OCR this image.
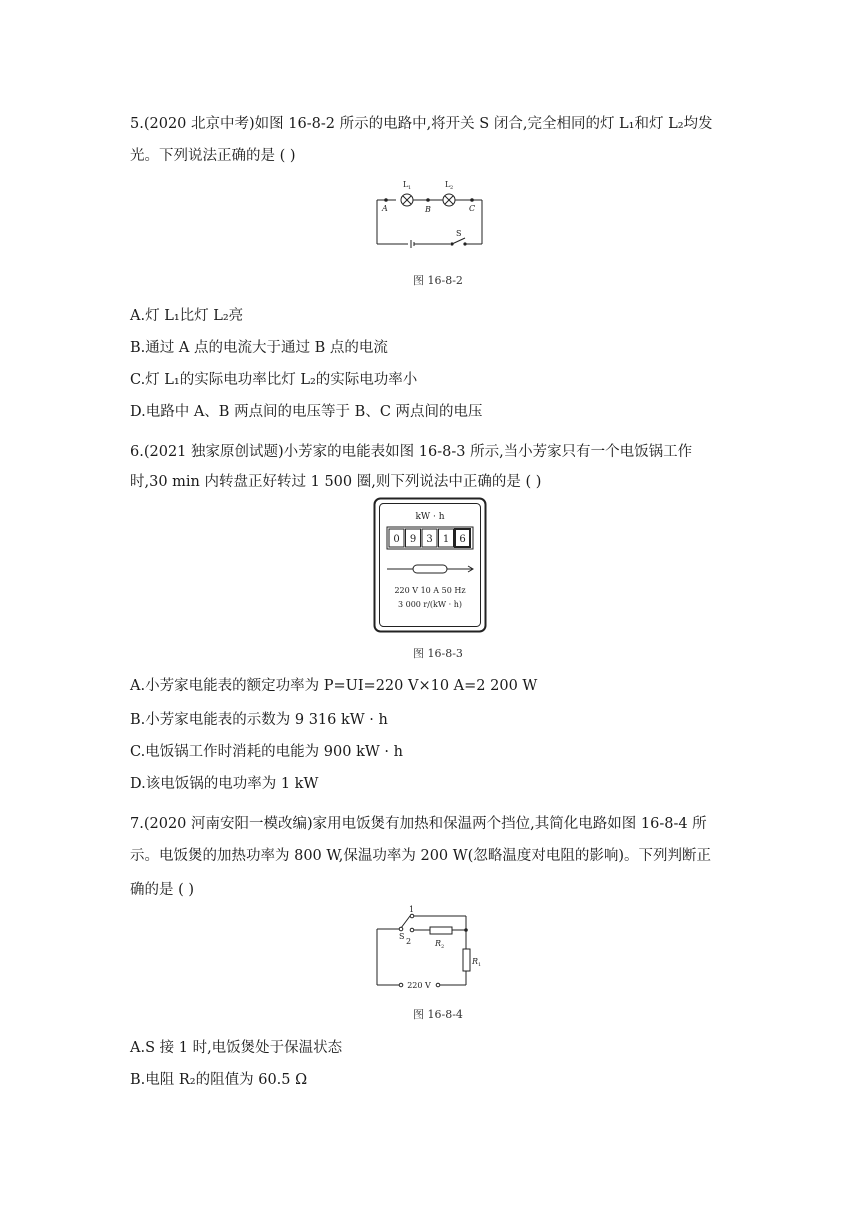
5.(2020 北京中考)如图 16-8-2 所示的电路中,将开关 S 闭合,完全相同的灯 L₁和灯 L₂均发
光。下列说法正确的是 ( )
L 1	L 2
A	B	C
S
图 16-8-2
A.灯 L₁比灯 L₂亮
B.通过 A 点的电流大于通过 B 点的电流
C.灯 L₁的实际电功率比灯 L₂的实际电功率小
D.电路中 A、B 两点间的电压等于 B、C 两点间的电压
6.(2021 独家原创试题)小芳家的电能表如图 16-8-3 所示,当小芳家只有一个电饭锅工作
时,30 min 内转盘正好转过 1 500 圈,则下列说法中正确的是 ( )
kW · h
0 9 3 1 6
220 V 10 A 50 Hz
3 000 r/(kW · h)
图 16-8-3
A.小芳家电能表的额定功率为 P=UI=220 V×10 A=2 200 W
B.小芳家电能表的示数为 9 316 kW · h
C.电饭锅工作时消耗的电能为 900 kW · h
D.该电饭锅的电功率为 1 kW
7.(2020 河南安阳一模改编)家用电饭煲有加热和保温两个挡位,其简化电路如图 16-8-4 所
示。电饭煲的加热功率为 800 W,保温功率为 200 W(忽略温度对电阻的影响)。下列判断正
确的是 ( )
1
2
S
R 2
R 1
220 V
图 16-8-4
A.S 接 1 时,电饭煲处于保温状态
B.电阻 R₂的阻值为 60.5 Ω
